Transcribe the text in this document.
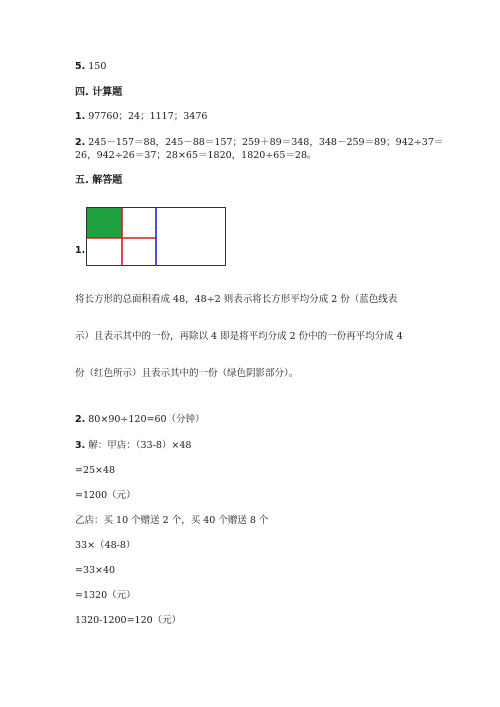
5. 150
四. 计算题
1. 97760；24；1117；3476
2. 245－157＝88，245－88＝157；259＋89＝348，348－259＝89；942÷37＝
26，942÷26＝37；28×65＝1820，1820÷65＝28。
五. 解答题
1.
将长方形的总面积看成 48，48÷2 则表示将长方形平均分成 2 份（蓝色线表
示）且表示其中的一份，再除以 4 即是将平均分成 2 份中的一份再平均分成 4
份（红色所示）且表示其中的一份（绿色阴影部分）。
2. 80×90÷120=60（分钟）
3. 解：甲店：（33-8）×48
=25×48
=1200（元）
乙店：买 10 个赠送 2 个，买 40 个赠送 8 个
33×（48-8）
=33×40
=1320（元）
1320-1200=120（元）
